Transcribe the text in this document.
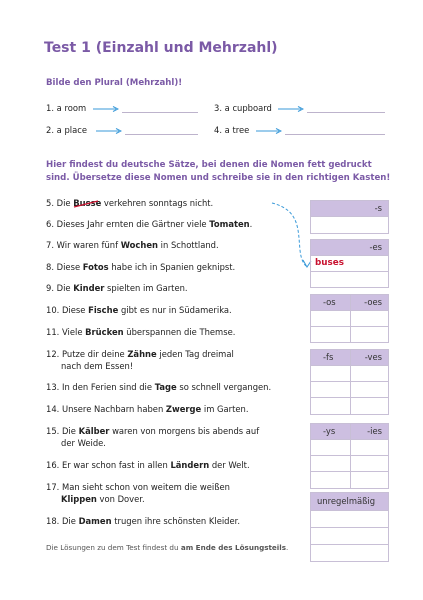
Test 1 (Einzahl und Mehrzahl)
Bilde den Plural (Mehrzahl)!
1. a room	3. a cupboard
2. a place	4. a tree
Hier findest du deutsche Sätze, bei denen die Nomen fett gedruckt
sind. Übersetze diese Nomen und schreibe sie in den richtigen Kasten!
5. Die Busse verkehren sonntags nicht.
6. Dieses Jahr ernten die Gärtner viele Tomaten.
7. Wir waren fünf Wochen in Schottland.
8. Diese Fotos habe ich in Spanien geknipst.
9. Die Kinder spielten im Garten.
10. Diese Fische gibt es nur in Südamerika.
11. Viele Brücken überspannen die Themse.
12. Putze dir deine Zähne jeden Tag dreimal
nach dem Essen!
13. In den Ferien sind die Tage so schnell vergangen.
14. Unsere Nachbarn haben Zwerge im Garten.
15. Die Kälber waren von morgens bis abends auf
der Weide.
16. Er war schon fast in allen Ländern der Welt.
17. Man sieht schon von weitem die weißen
Klippen von Dover.
18. Die Damen trugen ihre schönsten Kleider.
-s
-es
buses
-os	-oes
-fs	-ves
-ys	-ies
unregelmäßig
Die Lösungen zu dem Test findest du am Ende des Lösungsteils.
